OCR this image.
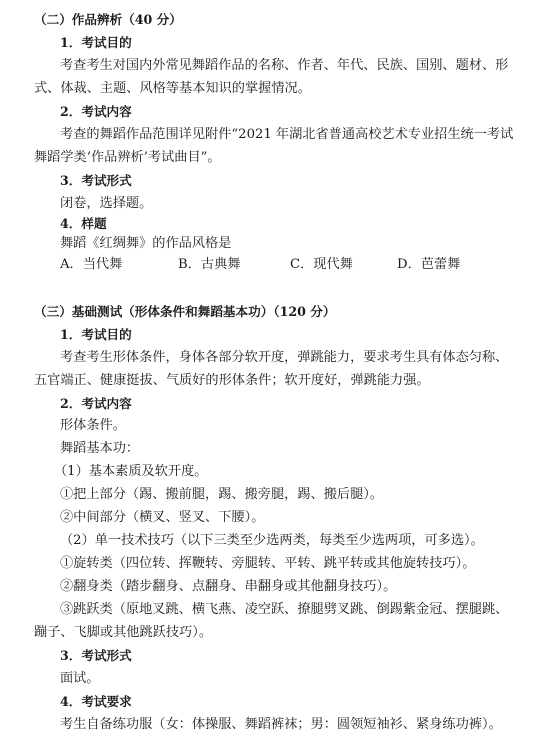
（二）作品辨析（40 分）
1．考试目的
考查考生对国内外常见舞蹈作品的名称、作者、年代、民族、国别、题材、形
式、体裁、主题、风格等基本知识的掌握情况。
2．考试内容
考查的舞蹈作品范围详见附件“2021 年湖北省普通高校艺术专业招生统一考试
舞蹈学类‘作品辨析’考试曲目”。
3．考试形式
闭卷，选择题。
4．样题
舞蹈《红绸舞》的作品风格是
A．当代舞	B．古典舞	C．现代舞	D．芭蕾舞
（三）基础测试（形体条件和舞蹈基本功）（120 分）
1．考试目的
考查考生形体条件，身体各部分软开度，弹跳能力，要求考生具有体态匀称、
五官端正、健康挺拔、气质好的形体条件；软开度好，弹跳能力强。
2．考试内容
形体条件。
舞蹈基本功：
（1）基本素质及软开度。
①把上部分（踢、搬前腿，踢、搬旁腿，踢、搬后腿）。
②中间部分（横叉、竖叉、下腰）。
（2）单一技术技巧（以下三类至少选两类，每类至少选两项，可多选）。
①旋转类（四位转、挥鞭转、旁腿转、平转、跳平转或其他旋转技巧）。
②翻身类（踏步翻身、点翻身、串翻身或其他翻身技巧）。
③跳跃类（原地叉跳、横飞燕、凌空跃、撩腿劈叉跳、倒踢紫金冠、摆腿跳、
蹦子、飞脚或其他跳跃技巧）。
3．考试形式
面试。
4．考试要求
考生自备练功服（女：体操服、舞蹈裤袜；男：圆领短袖衫、紧身练功裤）。
